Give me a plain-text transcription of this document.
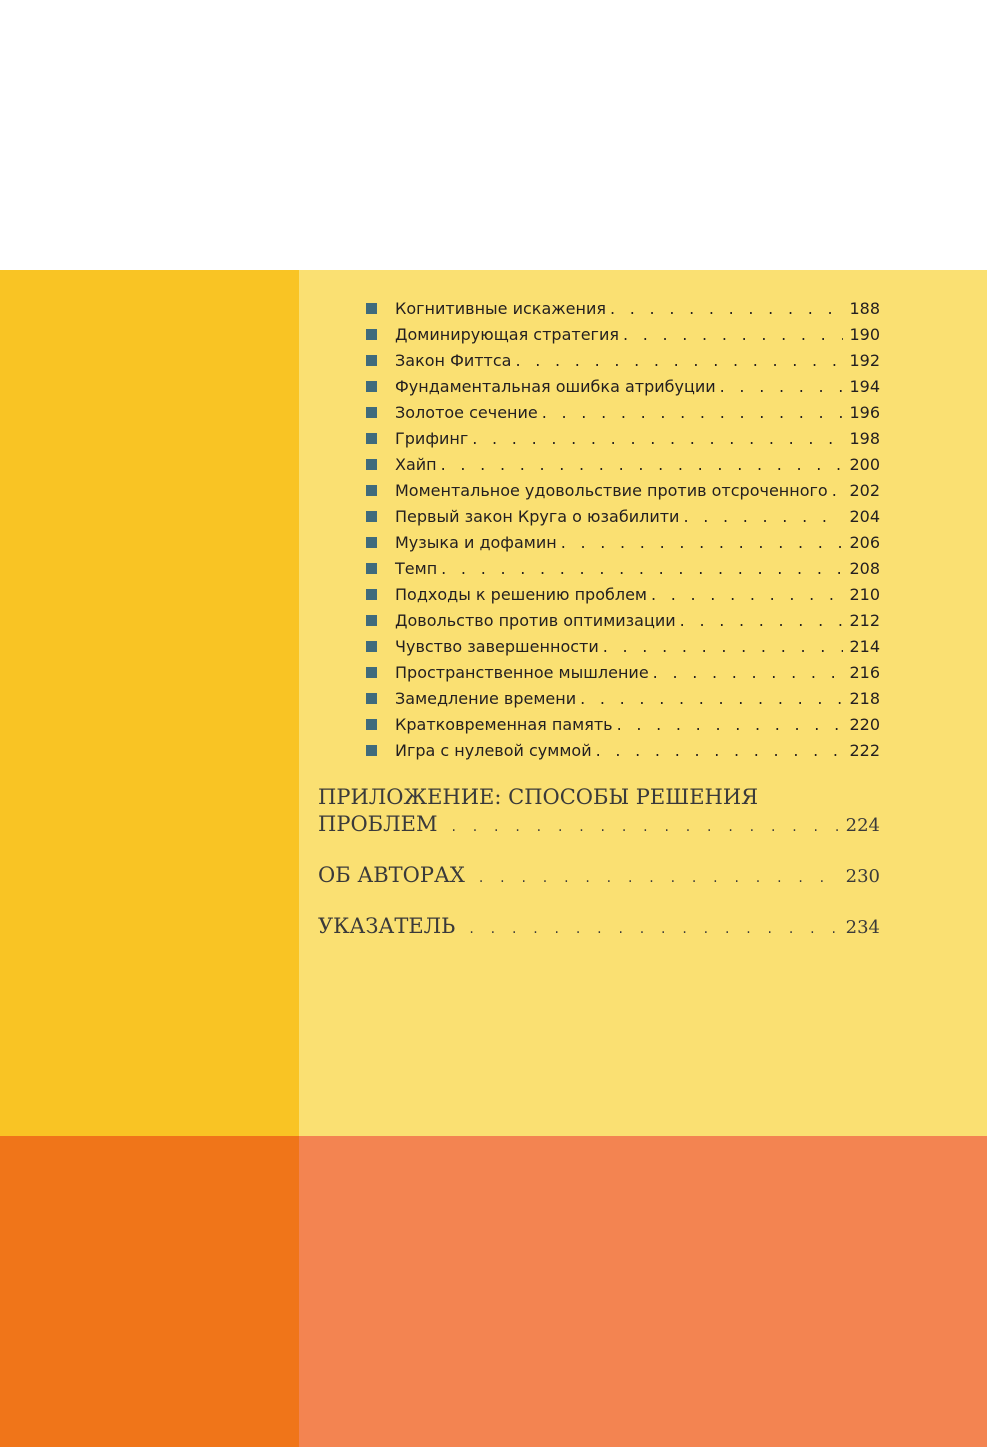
Когнитивные искажения . . .	188
Доминирующая стратегия . . .	190
Закон Фиттса . . .	192
Фундаментальная ошибка атрибуции . . .	194
Золотое сечение . . .	196
Грифинг . . .	198
Хайп . . .	200
Моментальное удовольствие против отсроченного . . .	202
Первый закон Круга о юзабилити . . .	204
Музыка и дофамин . . .	206
Темп . . .	208
Подходы к решению проблем . . .	210
Довольство против оптимизации . . .	212
Чувство завершенности . . .	214
Пространственное мышление . . .	216
Замедление времени . . .	218
Кратковременная память . . .	220
Игра с нулевой суммой . . .	222
ПРИЛОЖЕНИЕ: СПОСОБЫ РЕШЕНИЯ
ПРОБЛЕМ . . .	224
ОБ АВТОРАХ . . .	230
УКАЗАТЕЛЬ . . .	234
